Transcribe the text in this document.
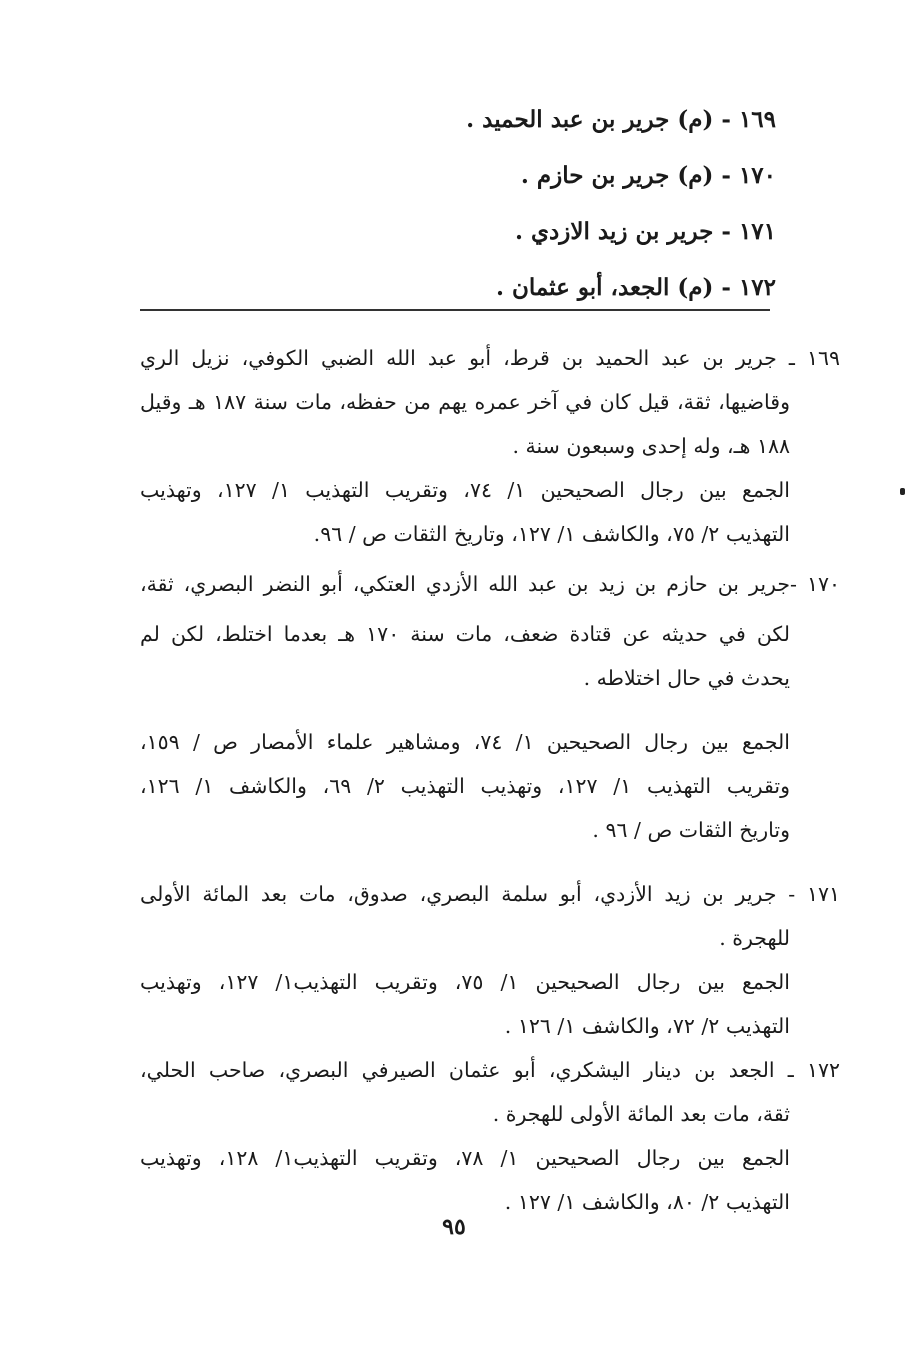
١٦٩ - (م) جرير بن عبد الحميد .
١٧٠ - (م) جرير بن حازم .
١٧١ - جرير بن زيد الازدي .
١٧٢ - (م) الجعد، أبو عثمان .
١٦٩ ـ جرير بن عبد الحميد بن قرط، أبو عبد الله الضبي الكوفي، نزيل الري
وقاضيها، ثقة، قيل كان في آخر عمره يهم من حفظه، مات سنة ١٨٧ هـ وقيل
١٨٨ هـ، وله إحدى وسبعون سنة .
الجمع بين رجال الصحيحين ١/ ٧٤، وتقريب التهذيب ١/ ١٢٧، وتهذيب
التهذيب ٢/ ٧٥، والكاشف ١/ ١٢٧، وتاريخ الثقات ص / ٩٦.
١٧٠ -جرير بن حازم بن زيد بن عبد الله الأزدي العتكي، أبو النضر البصري، ثقة،
لكن في حديثه عن قتادة ضعف، مات سنة ١٧٠ هـ بعدما اختلط، لكن لم
يحدث في حال اختلاطه .
الجمع بين رجال الصحيحين ١/ ٧٤، ومشاهير علماء الأمصار ص / ١٥٩،
وتقريب التهذيب ١/ ١٢٧، وتهذيب التهذيب ٢/ ٦٩، والكاشف ١/ ١٢٦،
وتاريخ الثقات ص / ٩٦ .
١٧١ - جرير بن زيد الأزدي، أبو سلمة البصري، صدوق، مات بعد المائة الأولى
للهجرة .
الجمع بين رجال الصحيحين ١/ ٧٥، وتقريب التهذيب١/ ١٢٧، وتهذيب
التهذيب ٢/ ٧٢، والكاشف ١/ ١٢٦ .
١٧٢ ـ الجعد بن دينار اليشكري، أبو عثمان الصيرفي البصري، صاحب الحلي،
ثقة، مات بعد المائة الأولى للهجرة .
الجمع بين رجال الصحيحين ١/ ٧٨، وتقريب التهذيب١/ ١٢٨، وتهذيب
التهذيب ٢/ ٨٠، والكاشف ١/ ١٢٧ .
٩٥
